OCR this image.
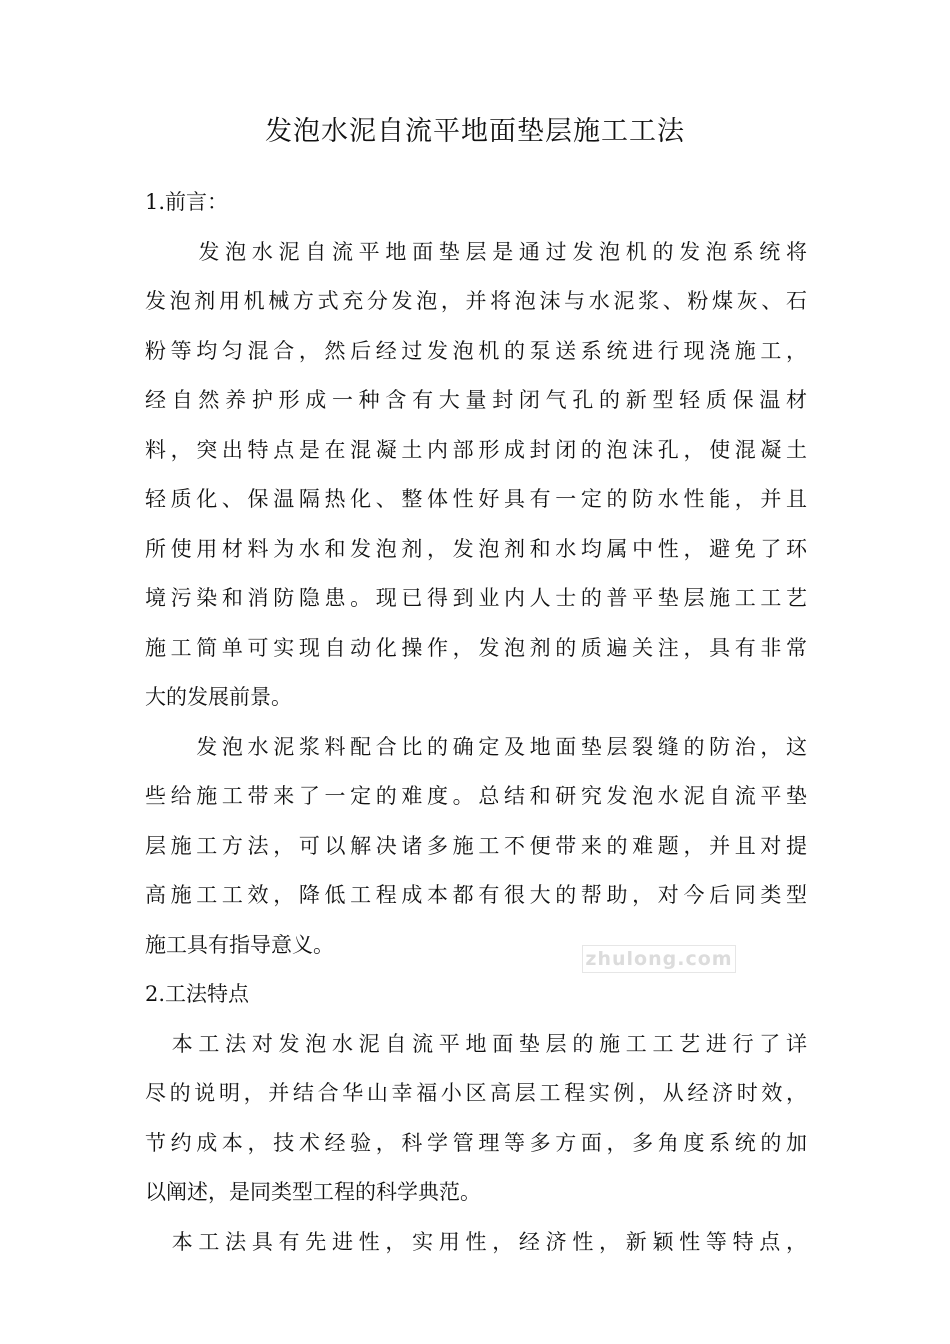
发泡水泥自流平地面垫层施工工法
1.前言：
　　发泡水泥自流平地面垫层是通过发泡机的发泡系统将
发泡剂用机械方式充分发泡，并将泡沫与水泥浆、粉煤灰、石
粉等均匀混合，然后经过发泡机的泵送系统进行现浇施工，
经自然养护形成一种含有大量封闭气孔的新型轻质保温材
料，突出特点是在混凝土内部形成封闭的泡沫孔，使混凝土
轻质化、保温隔热化、整体性好具有一定的防水性能，并且
所使用材料为水和发泡剂，发泡剂和水均属中性，避免了环
境污染和消防隐患。现已得到业内人士的普平垫层施工工艺
施工简单可实现自动化操作，发泡剂的质遍关注，具有非常
大的发展前景。
　　发泡水泥浆料配合比的确定及地面垫层裂缝的防治，这
些给施工带来了一定的难度。总结和研究发泡水泥自流平垫
层施工方法，可以解决诸多施工不便带来的难题，并且对提
高施工工效，降低工程成本都有很大的帮助，对今后同类型
施工具有指导意义。
2.工法特点
　本工法对发泡水泥自流平地面垫层的施工工艺进行了详
尽的说明，并结合华山幸福小区高层工程实例，从经济时效，
节约成本，技术经验，科学管理等多方面，多角度系统的加
以阐述，是同类型工程的科学典范。
　本工法具有先进性，实用性，经济性，新颖性等特点，
zhulong.com
